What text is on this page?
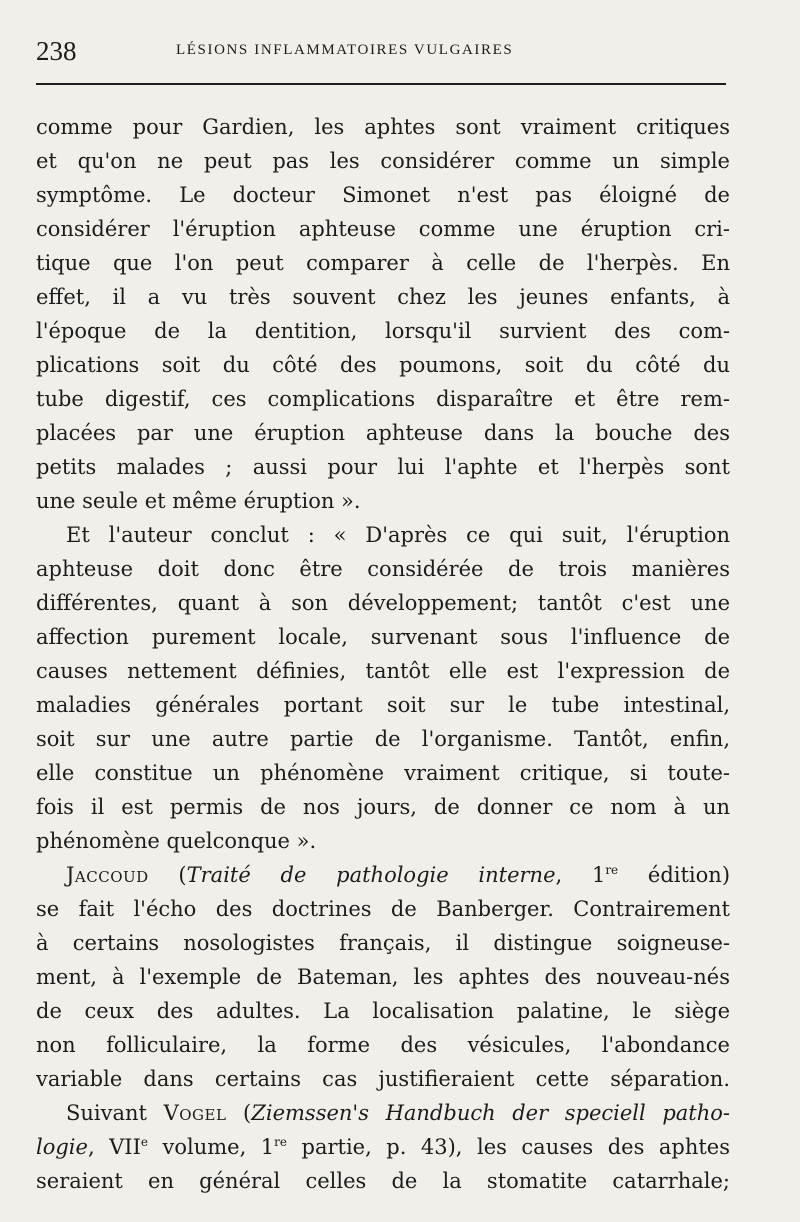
238	LÉSIONS INFLAMMATOIRES VULGAIRES
comme pour Gardien, les aphtes sont vraiment critiques
et qu'on ne peut pas les considérer comme un simple
symptôme. Le docteur Simonet n'est pas éloigné de
considérer l'éruption aphteuse comme une éruption cri-
tique que l'on peut comparer à celle de l'herpès. En
effet, il a vu très souvent chez les jeunes enfants, à
l'époque de la dentition, lorsqu'il survient des com-
plications soit du côté des poumons, soit du côté du
tube digestif, ces complications disparaître et être rem-
placées par une éruption aphteuse dans la bouche des
petits malades ; aussi pour lui l'aphte et l'herpès sont
une seule et même éruption ».
Et l'auteur conclut : « D'après ce qui suit, l'éruption
aphteuse doit donc être considérée de trois manières
différentes, quant à son développement; tantôt c'est une
affection purement locale, survenant sous l'influence de
causes nettement définies, tantôt elle est l'expression de
maladies générales portant soit sur le tube intestinal,
soit sur une autre partie de l'organisme. Tantôt, enfin,
elle constitue un phénomène vraiment critique, si toute-
fois il est permis de nos jours, de donner ce nom à un
phénomène quelconque ».
Jaccoud (Traité de pathologie interne, 1re édition)
se fait l'écho des doctrines de Banberger. Contrairement
à certains nosologistes français, il distingue soigneuse-
ment, à l'exemple de Bateman, les aphtes des nouveau-nés
de ceux des adultes. La localisation palatine, le siège
non folliculaire, la forme des vésicules, l'abondance
variable dans certains cas justifieraient cette séparation.
Suivant Vogel (Ziemssen's Handbuch der speciell patho-
logie, VIIe volume, 1re partie, p. 43), les causes des aphtes
seraient en général celles de la stomatite catarrhale;
